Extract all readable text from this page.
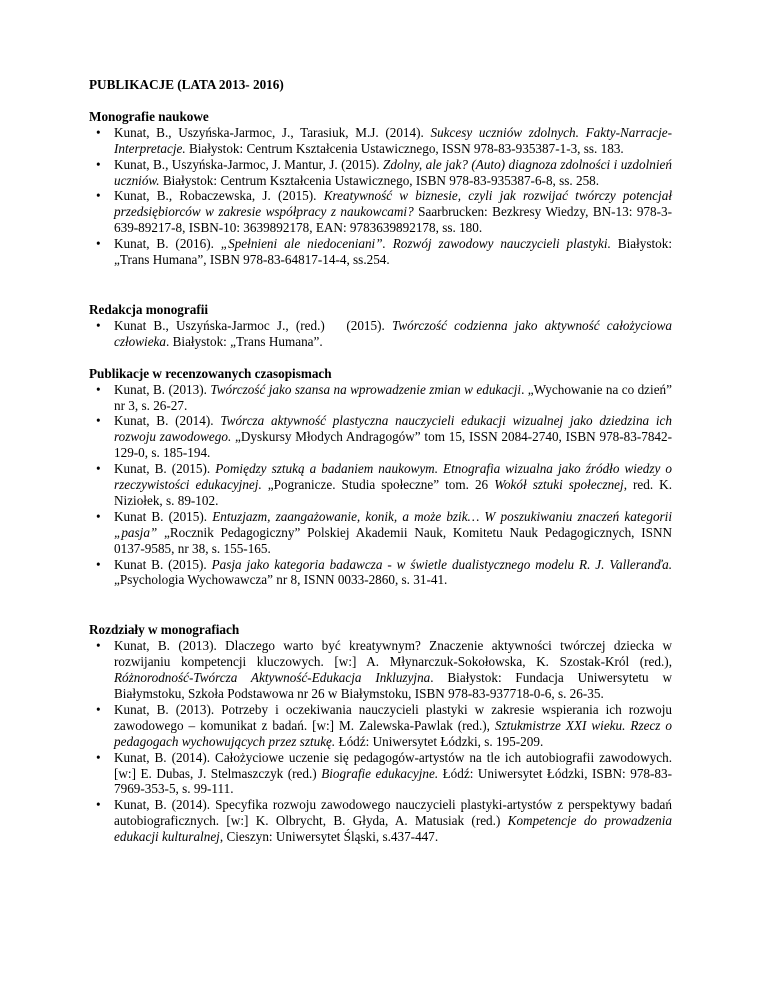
PUBLIKACJE (LATA 2013- 2016)

Monografie naukowe

• Kunat, B., Uszyńska-Jarmoc, J., Tarasiuk, M.J. (2014). Sukcesy uczniów zdolnych. Fakty-Narracje-Interpretacje. Białystok: Centrum Kształcenia Ustawicznego, ISSN 978-83-935387-1-3, ss. 183.
• Kunat, B., Uszyńska-Jarmoc, J. Mantur, J. (2015). Zdolny, ale jak? (Auto) diagnoza zdolności i uzdolnień uczniów. Białystok: Centrum Kształcenia Ustawicznego, ISBN 978-83-935387-6-8, ss. 258.
• Kunat, B., Robaczewska, J. (2015). Kreatywność w biznesie, czyli jak rozwijać twórczy potencjał przedsiębiorców w zakresie współpracy z naukowcami? Saarbrucken: Bezkresy Wiedzy, BN-13: 978-3-639-89217-8, ISBN-10: 3639892178, EAN: 9783639892178, ss. 180.
• Kunat, B. (2016). „Spełnieni ale niedoceniani”. Rozwój zawodowy nauczycieli plastyki. Białystok: „Trans Humana”, ISBN 978-83-64817-14-4, ss.254.

Redakcja monografii

• Kunat B., Uszyńska-Jarmoc J., (red.)   (2015). Twórczość codzienna jako aktywność całożyciowa człowieka. Białystok: „Trans Humana”.

Publikacje w recenzowanych czasopismach

• Kunat, B. (2013). Twórczość jako szansa na wprowadzenie zmian w edukacji. „Wychowanie na co dzień” nr 3, s. 26-27.
• Kunat, B. (2014). Twórcza aktywność plastyczna nauczycieli edukacji wizualnej jako dziedzina ich rozwoju zawodowego. „Dyskursy Młodych Andragogów” tom 15, ISSN 2084-2740, ISBN 978-83-7842-129-0, s. 185-194.
• Kunat, B. (2015). Pomiędzy sztuką a badaniem naukowym. Etnografia wizualna jako źródło wiedzy o rzeczywistości edukacyjnej. „Pogranicze. Studia społeczne” tom. 26 Wokół sztuki społecznej, red. K. Niziołek, s. 89-102.
• Kunat B. (2015). Entuzjazm, zaangażowanie, konik, a może bzik… W poszukiwaniu znaczeń kategorii „pasja” „Rocznik Pedagogiczny” Polskiej Akademii Nauk, Komitetu Nauk Pedagogicznych, ISNN 0137-9585, nr 38, s. 155-165.
• Kunat B. (2015). Pasja jako kategoria badawcza - w świetle dualistycznego modelu R. J. Valleranďa. „Psychologia Wychowawcza” nr 8, ISNN 0033-2860, s. 31-41.

Rozdziały w monografiach

• Kunat, B. (2013). Dlaczego warto być kreatywnym? Znaczenie aktywności twórczej dziecka w rozwijaniu kompetencji kluczowych. [w:] A. Młynarczuk-Sokołowska, K. Szostak-Król (red.), Różnorodność-Twórcza Aktywność-Edukacja Inkluzyjna. Białystok: Fundacja Uniwersytetu w Białymstoku, Szkoła Podstawowa nr 26 w Białymstoku, ISBN 978-83-937718-0-6, s. 26-35.
• Kunat, B. (2013). Potrzeby i oczekiwania nauczycieli plastyki w zakresie wspierania ich rozwoju zawodowego – komunikat z badań. [w:] M. Zalewska-Pawlak (red.), Sztukmistrze XXI wieku. Rzecz o pedagogach wychowujących przez sztukę. Łódź: Uniwersytet Łódzki, s. 195-209.
• Kunat, B. (2014). Całożyciowe uczenie się pedagogów-artystów na tle ich autobiografii zawodowych. [w:] E. Dubas, J. Stelmaszczyk (red.) Biografie edukacyjne. Łódź: Uniwersytet Łódzki, ISBN: 978-83-7969-353-5, s. 99-111.
• Kunat, B. (2014). Specyfika rozwoju zawodowego nauczycieli plastyki-artystów z perspektywy badań autobiograficznych. [w:] K. Olbrycht, B. Głyda, A. Matusiak (red.) Kompetencje do prowadzenia edukacji kulturalnej, Cieszyn: Uniwersytet Śląski, s.437-447.
